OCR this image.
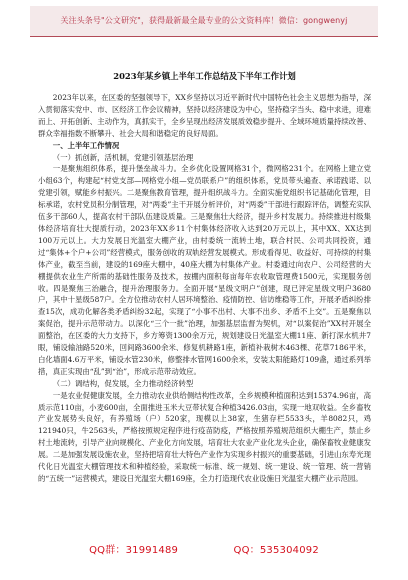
关注头条号"公文研究"，获得最新最全最专业的公文资料库！微信：gongwenyj
2023年某乡镇上半年工作总结及下半年工作计划

2023年以来，在区委的坚强领导下，XX乡坚持以习近平新时代中国特色社会主义思想为指导，深入贯彻落实党中、市、区经济工作会议精神，坚持以经济建设为中心，坚持稳字当头、稳中求进，迎难而上、开拓创新、主动作为，真抓实干，全乡呈现出经济发展质效稳步提升、全域环境质量持续改善、群众幸福指数不断攀升、社会大局和谐稳定的良好局面。

一、上半年工作情况

（一）抓创新，活机制，党建引领基层治理

一是聚焦组织体系，提升堡垒战斗力。全乡优化设置网格31个，微网格231个。在网格上建立党小组63个，构建起“村党支部—网格党小组—党员联系户”的组织体系，党员带头遍查、承诺践诺、以党建引领，赋能乡村振兴。二是聚焦教育管理，提升组织战斗力。全面实施党组织书记基础化管理，目标承诺，农村党员积分制管理，对“两委”主干开展分析评价，对“两委”干部进行跟踪评估，调整充实队伍多干部60人，提高农村干部队伍建设质量。三是聚焦壮大经济，提升乡村发展力。持续推进村级集体经济培育壮大提质行动，2023年XX乡11个村集体经济收入达到20万元以上，其中XX、XX达到100万元以上。大力发展日光温室大棚产业，由村委统一流转土地，联合村民、公司共同投资，通过“集体+个户+公司”经营模式，服务创收的双轨经营发展模式。形成看得见、收益好、可持续的村集体产业，截至当前，建设的169座大棚中，40座大棚为村集体产业。村委通过向农户、公司经营的大棚提供农业生产所需的基础性服务及技术，按棚内面积每亩每年农收取管理费1500元，实现服务创收。四是聚焦三治融合，提升治理服务力。全面开展“星级文明户”创建，现已评定星级文明户3680户，其中十星级587户。全方位推动农村人居环境整治、疫情防控、信访维稳等工作，开展矛盾纠纷排查15次，成功化解各类矛盾纠纷32起，实现了“小事不出村、大事不出乡、矛盾不上交”。五是聚焦以案促治，提升示范带动力。以深化“三个一批”治理，加强基层监督为契机，对“以案促治”XX村开展全面整治，在区委的大力支持下，乡方筹资1300余万元，规划建设日光温室大棚11座、新打深水机井7眼，铺设输油路520米，回间路3600余米、修复机耕路1座，新植补栽树木463棵、花草7186平米，白化墙面4.6万平米，铺设水管230米，修整排水管网1600余米，安装太阳能路灯109盏，通过系列举措，真正实现由“乱”到“治”，形成示范带动效应。

（二）调结构，促发展，全力推动经济转型

一是农业促健康发展，全力推动农业供给侧结构性改革，全乡规模种植面积达到15374.96亩，高质示范110亩，小麦600亩，全面推进玉米大豆带状复合种植3426.03亩，实现一地双收益。全乡畜牧产业发展势头良好，有养殖场（户）520家，现模以上38家，生猪存栏5533头，羊8082只，鸡121940只，牛2563头，严格按照规定程序进行疫苗防疫，严格按照养殖规范组织大棚生产，禁止乡村土地流转，引导产业向规模化、产业化方向发展，培育壮大农业产业化龙头企业，确保畜牧业健康发展。二是加强发展设施农业，坚持把培育壮大特色产业作为实现乡村振兴的重要基础，引进山东寿光现代化日光温室大棚管理技术和种植经验，采取统一标准、统一规划、统一建设、统一管理、统一营销的“五统一”运营模式，建设日光温室大棚169座，全力打造现代农业设施日光温室大棚产业示范园。

QQ群：31991489	QQ：535304092
